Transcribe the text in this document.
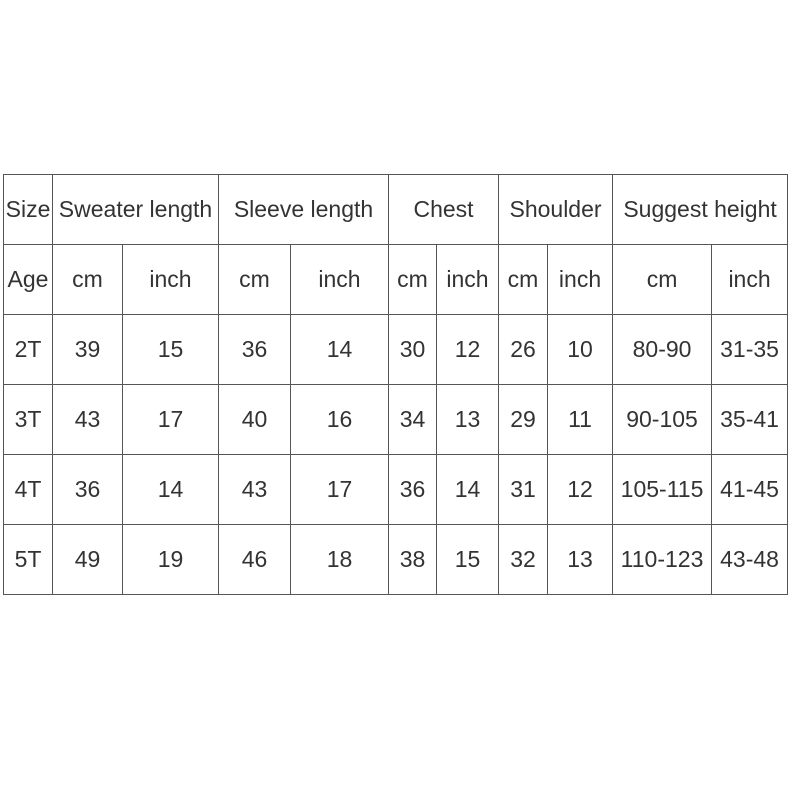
Size	Sweater length		Sleeve length		Chest		Shoulder		Suggest height	
Age	cm	inch	cm	inch	cm	inch	cm	inch	cm	inch
2T	39	15	36	14	30	12	26	10	80-90	31-35
3T	43	17	40	16	34	13	29	11	90-105	35-41
4T	36	14	43	17	36	14	31	12	105-115	41-45
5T	49	19	46	18	38	15	32	13	110-123	43-48
